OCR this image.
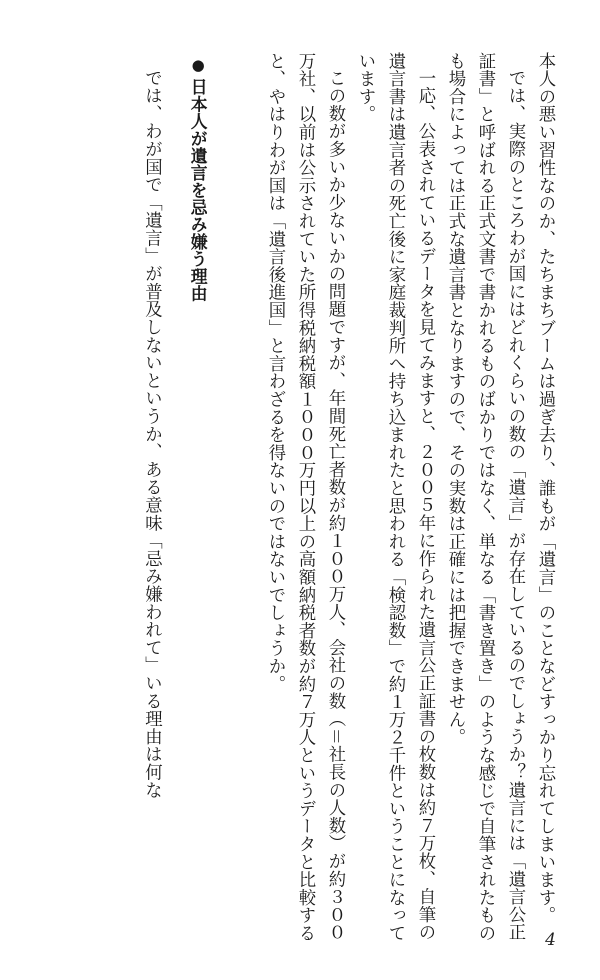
本人の悪い習性なのか、たちまちブームは過ぎ去り、誰もが「遺言」のことなどすっかり忘れてしまいます。

では、実際のところわが国にはどれくらいの数の「遺言」が存在しているのでしょうか？遺言には「遺言公正証書」と呼ばれる正式文書で書かれるものばかりではなく、単なる「書き置き」のような感じで自筆されたものも場合によっては正式な遺言書となりますので、その実数は正確には把握できません。

一応、公表されているデータを見てみますと、２００５年に作られた遺言公正証書の枚数は約７万枚、自筆の遺言書は遺言者の死亡後に家庭裁判所へ持ち込まれたと思われる「検認数」で約１万２千件ということになっています。

この数が多いか少ないかの問題ですが、年間死亡者数が約１００万人、会社の数（＝社長の人数）が約３００万社、以前は公示されていた所得税納税額１０００万円以上の高額納税者数が約７万人というデータと比較すると、やはりわが国は「遺言後進国」と言わざるを得ないのではないでしょうか。

●日本人が遺言を忌み嫌う理由

では、わが国で「遺言」が普及しないというか、ある意味「忌み嫌われて」いる理由は何な

4
